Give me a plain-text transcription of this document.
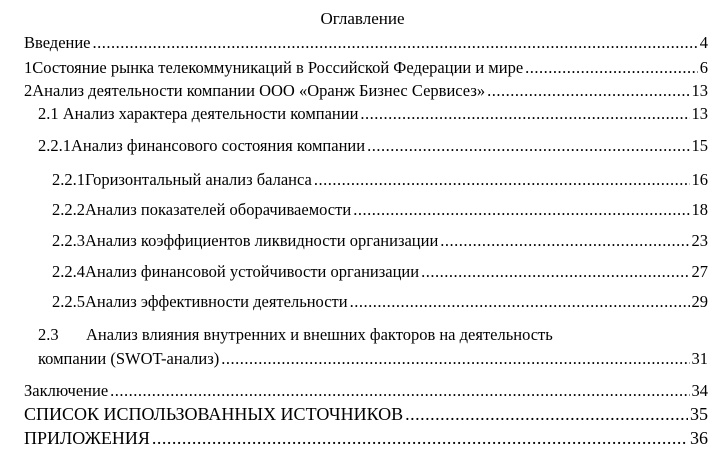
Оглавление
Введение .....	4
1 Состояние рынка телекоммуникаций в Российской Федерации и мире .....	6
2 Анализ деятельности компании ООО «Оранж Бизнес Сервисез» .....	13
2.1 Анализ характера деятельности компании .....	13
2.2.1 Анализ финансового состояния компании .....	15
2.2.1 Горизонтальный анализ баланса .....	16
2.2.2 Анализ показателей оборачиваемости .....	18
2.2.3 Анализ коэффициентов ликвидности организации .....	23
2.2.4 Анализ финансовой устойчивости организации .....	27
2.2.5 Анализ эффективности деятельности .....	29
2.3 Анализ влияния внутренних и внешних факторов на деятельность
компании (SWOT-анализ) .....	31
Заключение .....	34
СПИСОК ИСПОЛЬЗОВАННЫХ ИСТОЧНИКОВ .....	35
ПРИЛОЖЕНИЯ .....	36
